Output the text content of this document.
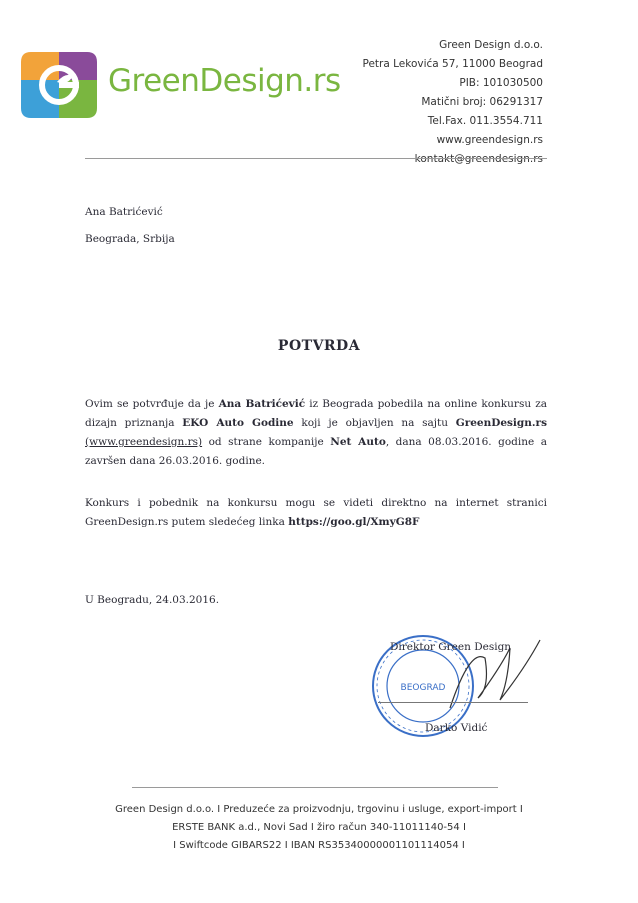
GreenDesign.rs
Green Design d.o.o.
Petra Lekovića 57, 11000 Beograd
PIB: 101030500
Matični broj: 06291317
Tel.Fax. 011.3554.711
www.greendesign.rs
kontakt@greendesign.rs
Ana Batrićević
Beograda, Srbija
POTVRDA
Ovim se potvrđuje da je Ana Batrićević iz Beograda pobedila na online konkursu za dizajn priznanja EKO Auto Godine koji je objavljen na sajtu GreenDesign.rs (www.greendesign.rs) od strane kompanije Net Auto, dana 08.03.2016. godine a završen dana 26.03.2016. godine.
Konkurs i pobednik na konkursu mogu se videti direktno na internet stranici GreenDesign.rs putem sledećeg linka https://goo.gl/XmyG8F
U Beogradu, 24.03.2016.
BEOGRAD
Direktor Green Design
Darko Vidić
Green Design d.o.o. I Preduzeće za proizvodnju, trgovinu i usluge, export-import I
ERSTE BANK a.d., Novi Sad I žiro račun 340-11011140-54 I
I Swiftcode GIBARS22 I IBAN RS35340000001101114054 I
